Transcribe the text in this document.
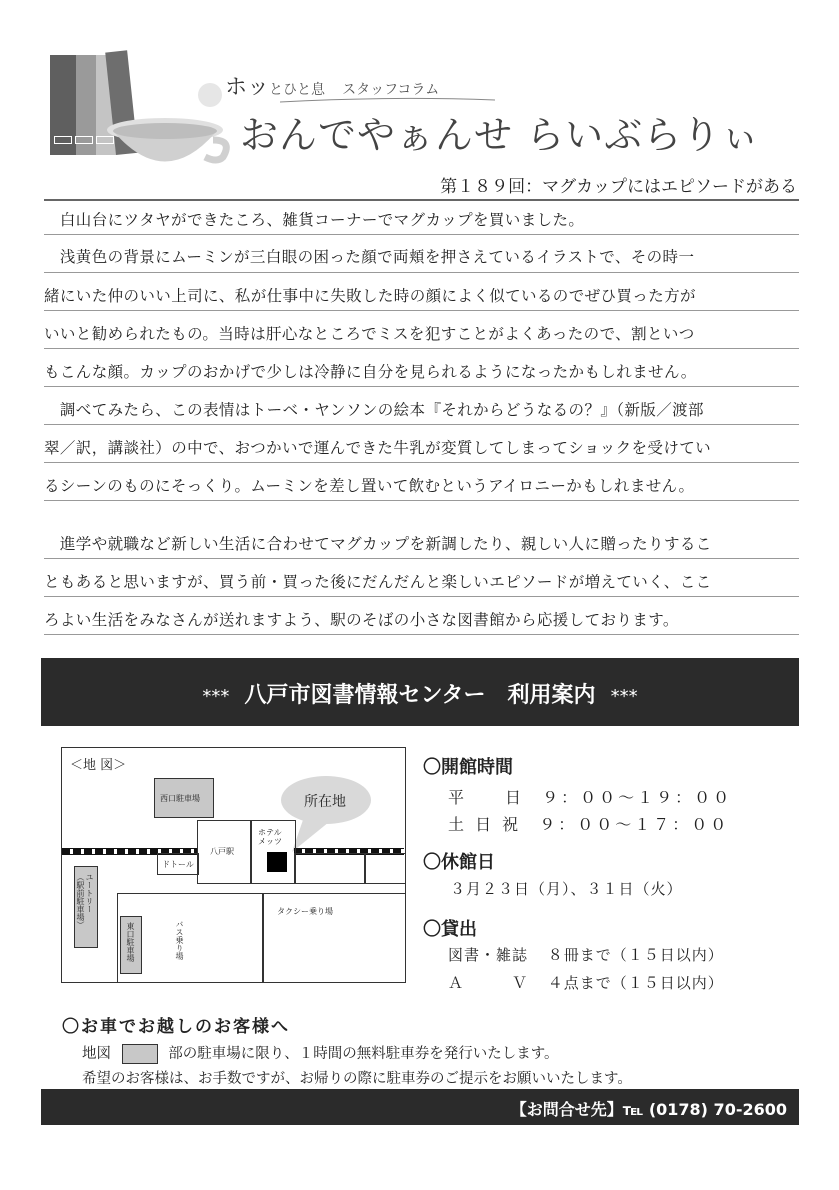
ホッとひと息 スタッフコラム
おんでやぁんせ らいぶらりぃ
第１８９回：マグカップにはエピソードがある
　白山台にツタヤができたころ、雑貨コーナーでマグカップを買いました。
　浅黄色の背景にムーミンが三白眼の困った顔で両頬を押さえているイラストで、その時一
緒にいた仲のいい上司に、私が仕事中に失敗した時の顔によく似ているのでぜひ買った方が
いいと勧められたもの。当時は肝心なところでミスを犯すことがよくあったので、割といつ
もこんな顔。カップのおかげで少しは冷静に自分を見られるようになったかもしれません。
　調べてみたら、この表情はトーベ・ヤンソンの絵本『それからどうなるの？』（新版／渡部
翠／訳，講談社）の中で、おつかいで運んできた牛乳が変質してしまってショックを受けてい
るシーンのものにそっくり。ムーミンを差し置いて飲むというアイロニーかもしれません。
　進学や就職など新しい生活に合わせてマグカップを新調したり、親しい人に贈ったりするこ
ともあると思いますが、買う前・買った後にだんだんと楽しいエピソードが増えていく、ここ
ろよい生活をみなさんが送れますよう、駅のそばの小さな図書館から応援しております。
*** 八戸市図書情報センター　利用案内 ***
＜地 図＞
西口駐車場	所在地
八戸駅
ホテル
メッツ
ドトール
ユートリー
（駅前駐車場）
東口駐車場	バス乗り場
タクシー乗り場
〇開館時間
平　　日 ９：００～１９：００
土 日 祝 ９：００～１７：００
〇休館日
３月２３日（月）、３１日（火）
〇貸出
図書・雑誌 ８冊まで（１５日以内）
Ａ　　　Ｖ ４点まで（１５日以内）
〇お車でお越しのお客様へ
地図	部の駐車場に限り、１時間の無料駐車券を発行いたします。
希望のお客様は、お手数ですが、お帰りの際に駐車券のご提示をお願いいたします。
【お問合せ先】℡ (0178) 70-2600
